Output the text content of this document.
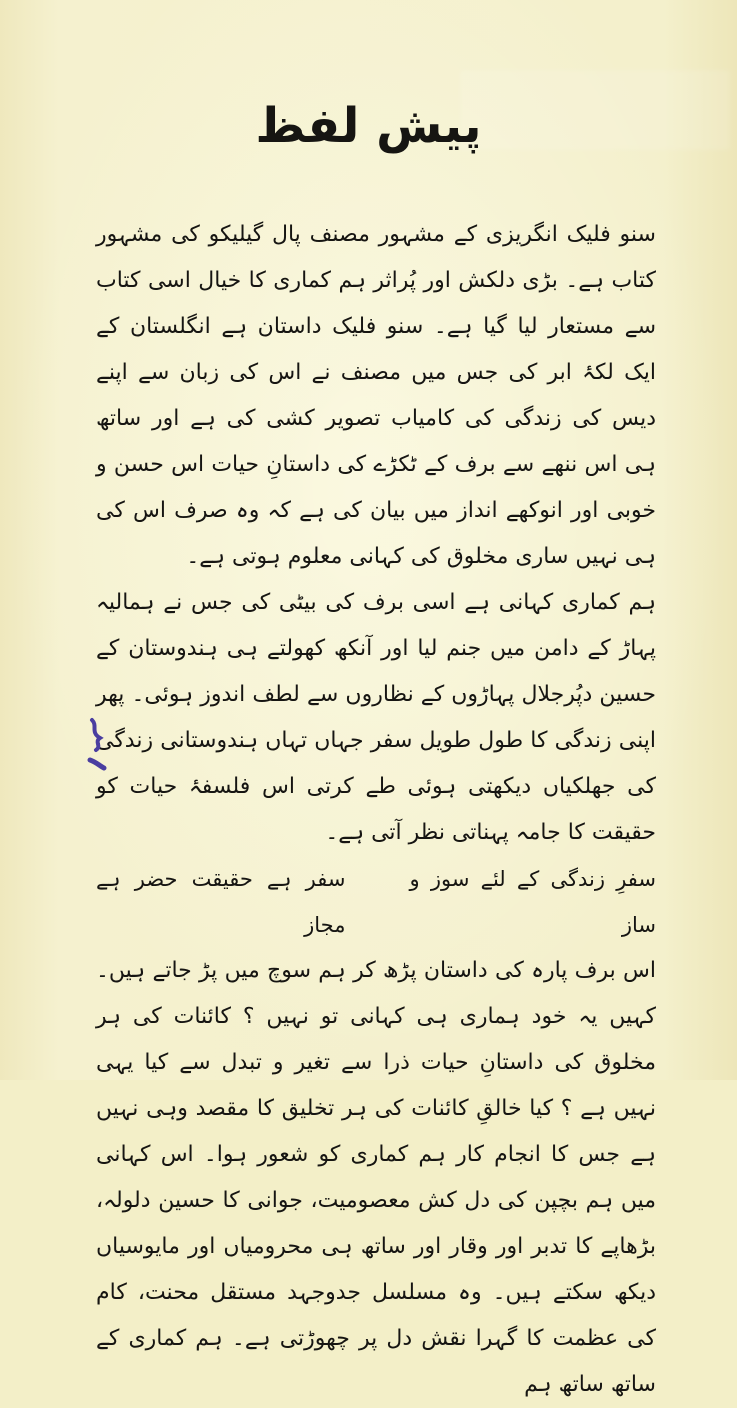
پیش لفظ

سنو فلیک انگریزی کے مشہور مصنف پال گیلیکو کی مشہور کتاب ہے۔ بڑی دلکش اور پُراثر ہم کماری کا خیال اسی کتاب سے مستعار لیا گیا ہے۔ سنو فلیک داستان ہے انگلستان کے ایک لکۂ ابر کی جس میں مصنف نے اس کی زبان سے اپنے دیس کی زندگی کی کامیاب تصویر کشی کی ہے اور ساتھ ہی اس ننھے سے برف کے ٹکڑے کی داستانِ حیات اس حسن و خوبی اور انوکھے انداز میں بیان کی ہے کہ وہ صرف اس کی ہی نہیں ساری مخلوق کی کہانی معلوم ہوتی ہے۔

ہم کماری کہانی ہے اسی برف کی بیٹی کی جس نے ہمالیہ پہاڑ کے دامن میں جنم لیا اور آنکھ کھولتے ہی ہندوستان کے حسین دپُرجلال پہاڑوں کے نظاروں سے لطف اندوز ہوئی۔ پھر اپنی زندگی کا طول طویل سفر جہاں تہاں ہندوستانی زندگی کی جھلکیاں دیکھتی ہوئی طے کرتی اس فلسفۂ حیات کو حقیقت کا جامہ پہناتی نظر آتی ہے۔

سفرِ زندگی کے لئے سوز و ساز
سفر ہے حقیقت حضر ہے مجاز

اس برف پارہ کی داستان پڑھ کر ہم سوچ میں پڑ جاتے ہیں۔ کہیں یہ خود ہماری ہی کہانی تو نہیں ؟ کائنات کی ہر مخلوق کی داستانِ حیات ذرا سے تغیر و تبدل سے کیا یہی نہیں ہے ؟ کیا خالقِ کائنات کی ہر تخلیق کا مقصد وہی نہیں ہے جس کا انجام کار ہم کماری کو شعور ہوا۔ اس کہانی میں ہم بچپن کی دل کش معصومیت، جوانی کا حسین دلولہ، بڑھاپے کا تدبر اور وقار اور ساتھ ہی محرومیاں اور مایوسیاں دیکھ سکتے ہیں۔ وہ مسلسل جدوجہد مستقل محنت، کام کی عظمت کا گہرا نقش دل پر چھوڑتی ہے۔ ہم کماری کے ساتھ ساتھ ہم
